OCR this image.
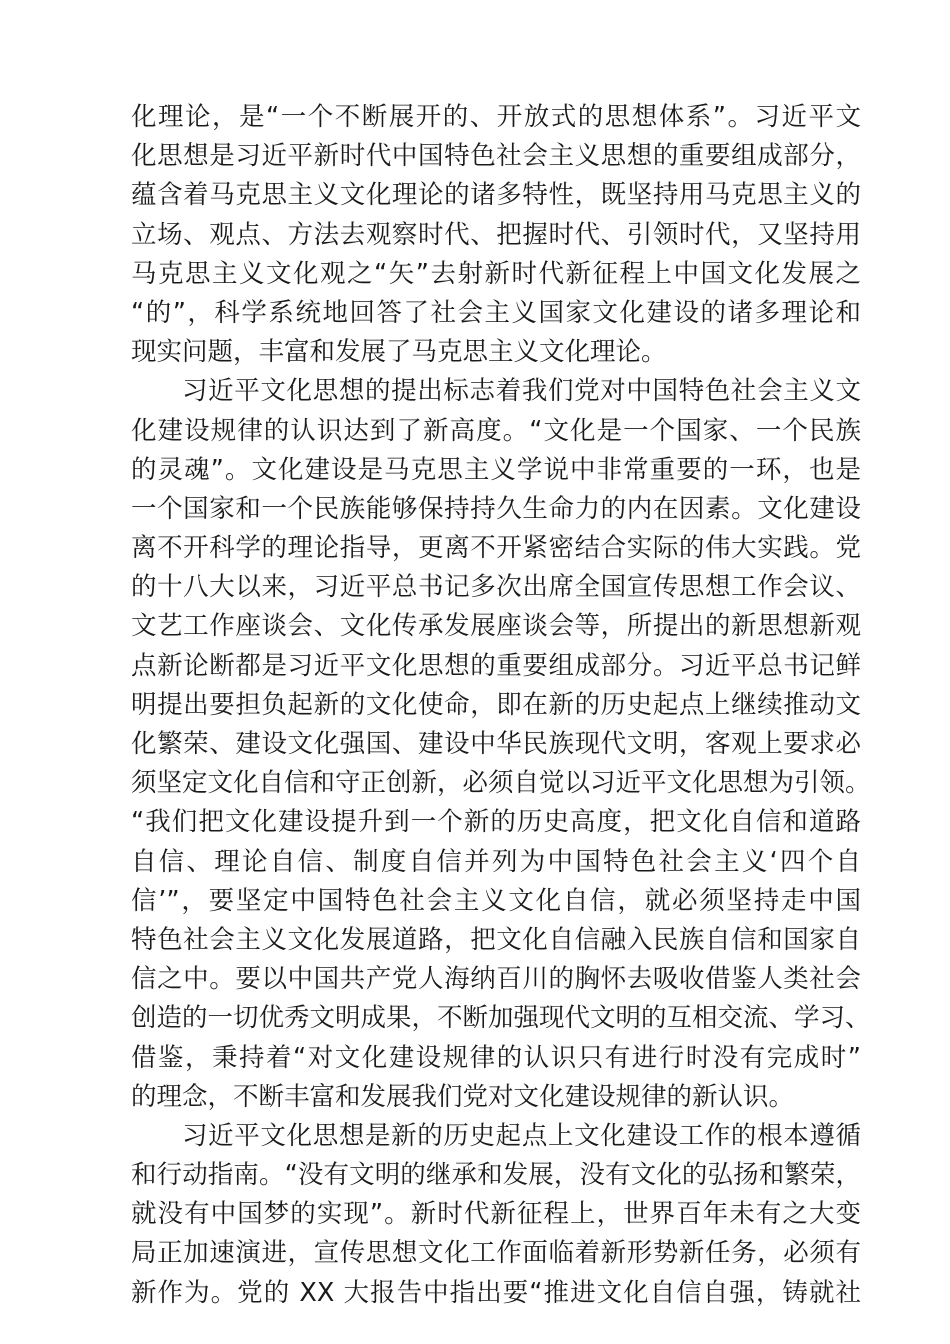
化理论，是“一个不断展开的、开放式的思想体系”。习近平文
化思想是习近平新时代中国特色社会主义思想的重要组成部分，
蕴含着马克思主义文化理论的诸多特性，既坚持用马克思主义的
立场、观点、方法去观察时代、把握时代、引领时代，又坚持用
马克思主义文化观之“矢”去射新时代新征程上中国文化发展之
“的”，科学系统地回答了社会主义国家文化建设的诸多理论和
现实问题，丰富和发展了马克思主义文化理论。
习近平文化思想的提出标志着我们党对中国特色社会主义文
化建设规律的认识达到了新高度。“文化是一个国家、一个民族
的灵魂”。文化建设是马克思主义学说中非常重要的一环，也是
一个国家和一个民族能够保持持久生命力的内在因素。文化建设
离不开科学的理论指导，更离不开紧密结合实际的伟大实践。党
的十八大以来，习近平总书记多次出席全国宣传思想工作会议、
文艺工作座谈会、文化传承发展座谈会等，所提出的新思想新观
点新论断都是习近平文化思想的重要组成部分。习近平总书记鲜
明提出要担负起新的文化使命，即在新的历史起点上继续推动文
化繁荣、建设文化强国、建设中华民族现代文明，客观上要求必
须坚定文化自信和守正创新，必须自觉以习近平文化思想为引领。
“我们把文化建设提升到一个新的历史高度，把文化自信和道路
自信、理论自信、制度自信并列为中国特色社会主义‘四个自
信’”，要坚定中国特色社会主义文化自信，就必须坚持走中国
特色社会主义文化发展道路，把文化自信融入民族自信和国家自
信之中。要以中国共产党人海纳百川的胸怀去吸收借鉴人类社会
创造的一切优秀文明成果，不断加强现代文明的互相交流、学习、
借鉴，秉持着“对文化建设规律的认识只有进行时没有完成时”
的理念，不断丰富和发展我们党对文化建设规律的新认识。
习近平文化思想是新的历史起点上文化建设工作的根本遵循
和行动指南。“没有文明的继承和发展，没有文化的弘扬和繁荣，
就没有中国梦的实现”。新时代新征程上，世界百年未有之大变
局正加速演进，宣传思想文化工作面临着新形势新任务，必须有
新作为。党的 XX 大报告中指出要“推进文化自信自强，铸就社
